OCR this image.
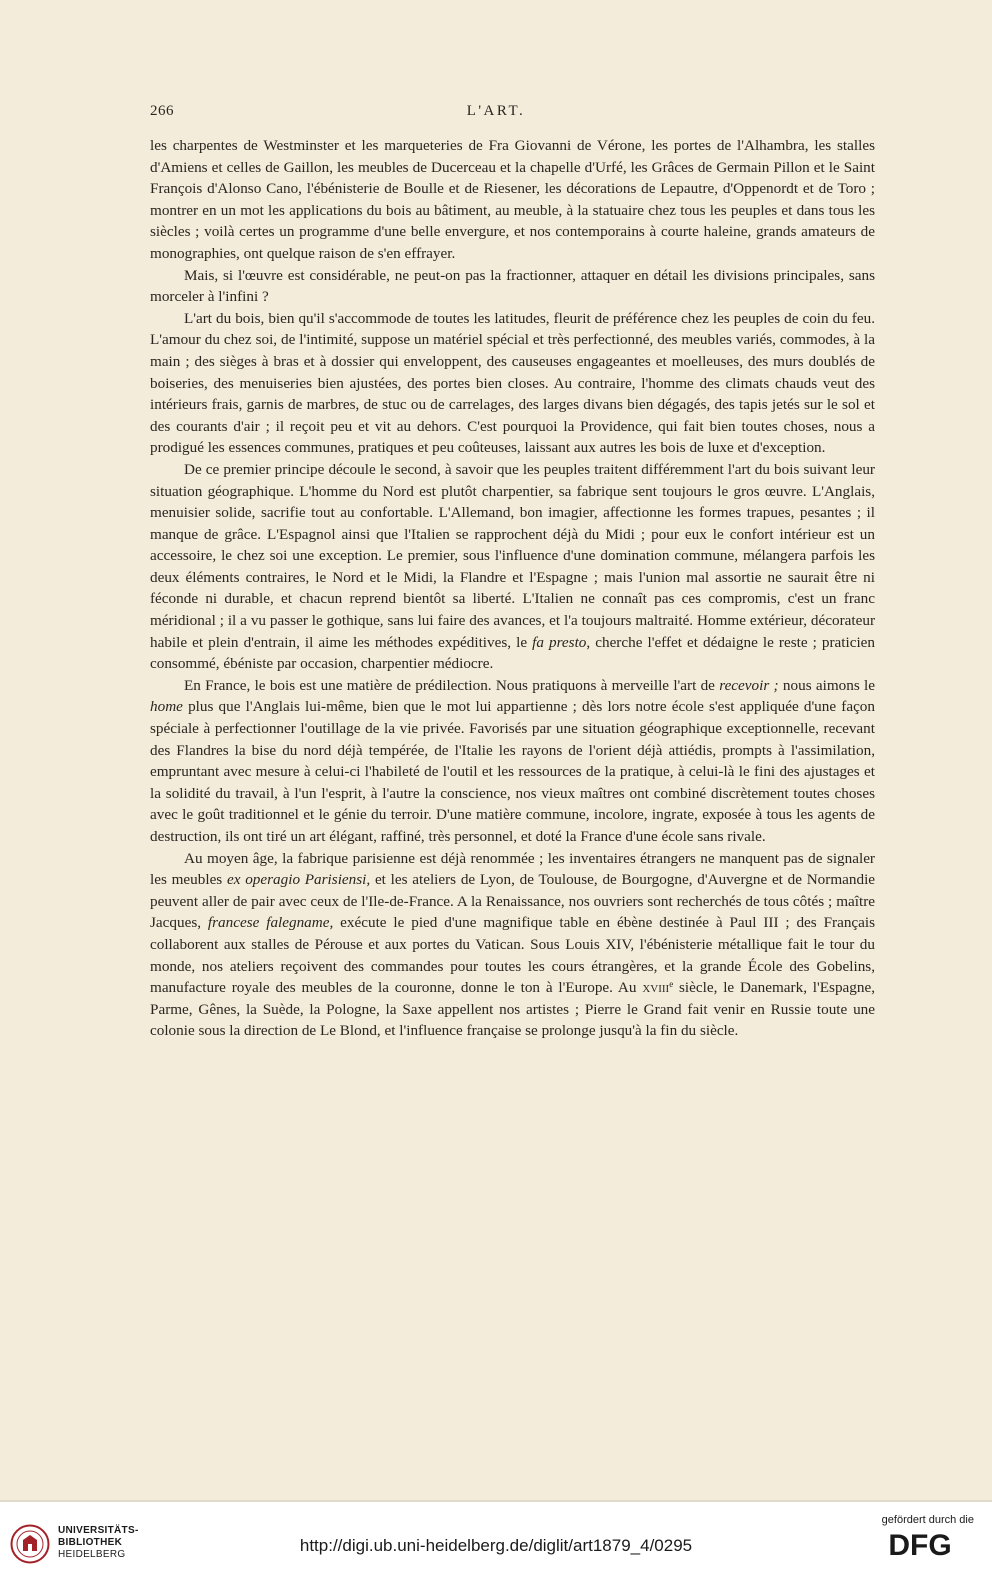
266	L'ART.

les charpentes de Westminster et les marqueteries de Fra Giovanni de Vérone, les portes de l'Alhambra, les stalles d'Amiens et celles de Gaillon, les meubles de Ducerceau et la chapelle d'Urfé, les Grâces de Germain Pillon et le Saint François d'Alonso Cano, l'ébénisterie de Boulle et de Riesener, les décorations de Lepautre, d'Oppenordt et de Toro ; montrer en un mot les applications du bois au bâtiment, au meuble, à la statuaire chez tous les peuples et dans tous les siècles ; voilà certes un programme d'une belle envergure, et nos contemporains à courte haleine, grands amateurs de monographies, ont quelque raison de s'en effrayer.

Mais, si l'œuvre est considérable, ne peut-on pas la fractionner, attaquer en détail les divisions principales, sans morceler à l'infini ?

L'art du bois, bien qu'il s'accommode de toutes les latitudes, fleurit de préférence chez les peuples de coin du feu. L'amour du chez soi, de l'intimité, suppose un matériel spécial et très perfectionné, des meubles variés, commodes, à la main ; des sièges à bras et à dossier qui enveloppent, des causeuses engageantes et moelleuses, des murs doublés de boiseries, des menuiseries bien ajustées, des portes bien closes. Au contraire, l'homme des climats chauds veut des intérieurs frais, garnis de marbres, de stuc ou de carrelages, des larges divans bien dégagés, des tapis jetés sur le sol et des courants d'air ; il reçoit peu et vit au dehors. C'est pourquoi la Providence, qui fait bien toutes choses, nous a prodigué les essences communes, pratiques et peu coûteuses, laissant aux autres les bois de luxe et d'exception.

De ce premier principe découle le second, à savoir que les peuples traitent différemment l'art du bois suivant leur situation géographique. L'homme du Nord est plutôt charpentier, sa fabrique sent toujours le gros œuvre. L'Anglais, menuisier solide, sacrifie tout au confortable. L'Allemand, bon imagier, affectionne les formes trapues, pesantes ; il manque de grâce. L'Espagnol ainsi que l'Italien se rapprochent déjà du Midi ; pour eux le confort intérieur est un accessoire, le chez soi une exception. Le premier, sous l'influence d'une domination commune, mélangera parfois les deux éléments contraires, le Nord et le Midi, la Flandre et l'Espagne ; mais l'union mal assortie ne saurait être ni féconde ni durable, et chacun reprend bientôt sa liberté. L'Italien ne connaît pas ces compromis, c'est un franc méridional ; il a vu passer le gothique, sans lui faire des avances, et l'a toujours maltraité. Homme extérieur, décorateur habile et plein d'entrain, il aime les méthodes expéditives, le fa presto, cherche l'effet et dédaigne le reste ; praticien consommé, ébéniste par occasion, charpentier médiocre.

En France, le bois est une matière de prédilection. Nous pratiquons à merveille l'art de recevoir ; nous aimons le home plus que l'Anglais lui-même, bien que le mot lui appartienne ; dès lors notre école s'est appliquée d'une façon spéciale à perfectionner l'outillage de la vie privée. Favorisés par une situation géographique exceptionnelle, recevant des Flandres la bise du nord déjà tempérée, de l'Italie les rayons de l'orient déjà attiédis, prompts à l'assimilation, empruntant avec mesure à celui-ci l'habileté de l'outil et les ressources de la pratique, à celui-là le fini des ajustages et la solidité du travail, à l'un l'esprit, à l'autre la conscience, nos vieux maîtres ont combiné discrètement toutes choses avec le goût traditionnel et le génie du terroir. D'une matière commune, incolore, ingrate, exposée à tous les agents de destruction, ils ont tiré un art élégant, raffiné, très personnel, et doté la France d'une école sans rivale.

Au moyen âge, la fabrique parisienne est déjà renommée ; les inventaires étrangers ne manquent pas de signaler les meubles ex operagio Parisiensi, et les ateliers de Lyon, de Toulouse, de Bourgogne, d'Auvergne et de Normandie peuvent aller de pair avec ceux de l'Ile-de-France. A la Renaissance, nos ouvriers sont recherchés de tous côtés ; maître Jacques, francese falegname, exécute le pied d'une magnifique table en ébène destinée à Paul III ; des Français collaborent aux stalles de Pérouse et aux portes du Vatican. Sous Louis XIV, l'ébénisterie métallique fait le tour du monde, nos ateliers reçoivent des commandes pour toutes les cours étrangères, et la grande École des Gobelins, manufacture royale des meubles de la couronne, donne le ton à l'Europe. Au xviii$^e$ siècle, le Danemark, l'Espagne, Parme, Gênes, la Suède, la Pologne, la Saxe appellent nos artistes ; Pierre le Grand fait venir en Russie toute une colonie sous la direction de Le Blond, et l'influence française se prolonge jusqu'à la fin du siècle.

UNIVERSITÄTS-
BIBLIOTHEK
HEIDELBERG	http://digi.ub.uni-heidelberg.de/diglit/art1879_4/0295
gefördert durch die
DFG
